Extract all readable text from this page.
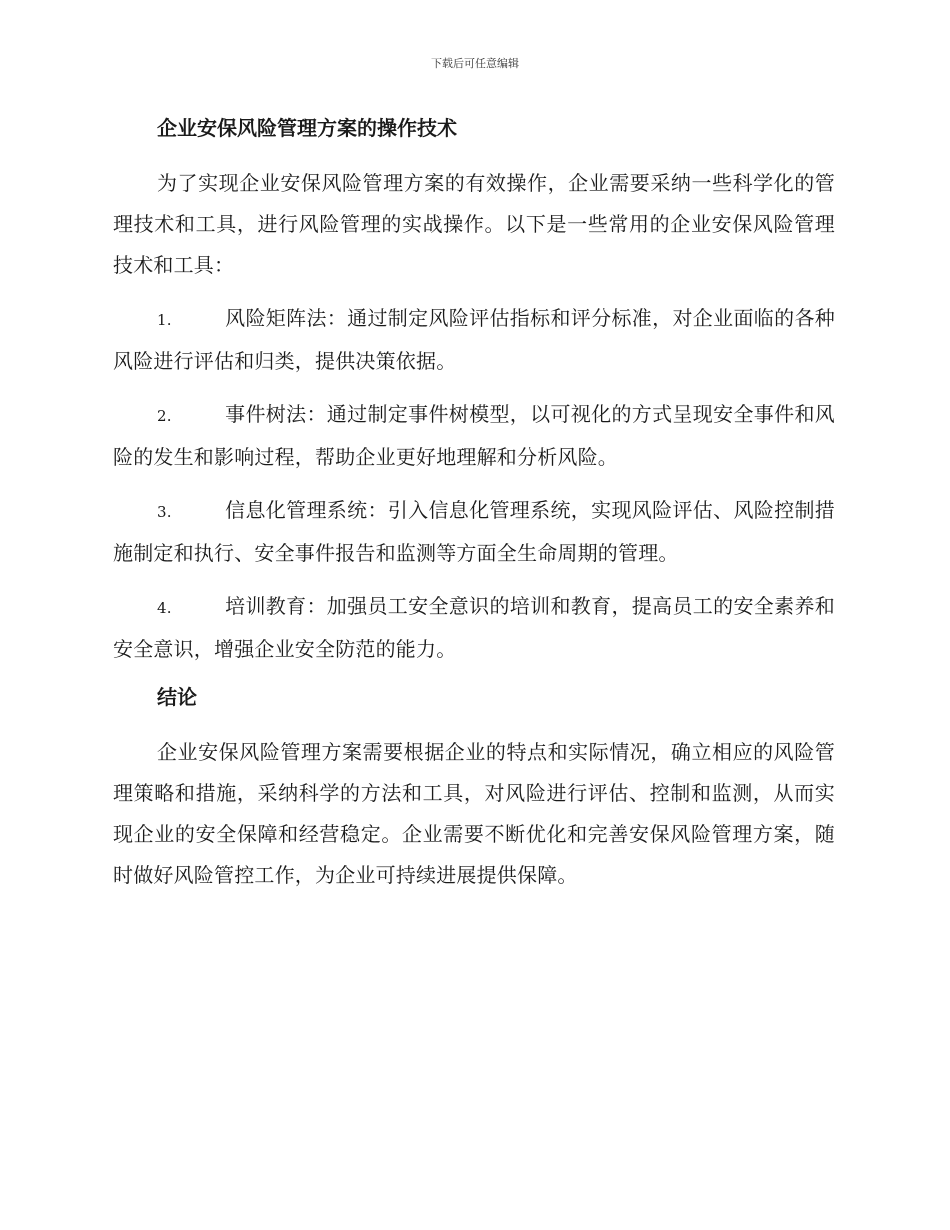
下载后可任意编辑
企业安保风险管理方案的操作技术

为了实现企业安保风险管理方案的有效操作，企业需要采纳一些科学化的管理技术和工具，进行风险管理的实战操作。以下是一些常用的企业安保风险管理技术和工具：

1.	风险矩阵法：通过制定风险评估指标和评分标准，对企业面临的各种风险进行评估和归类，提供决策依据。
2.	事件树法：通过制定事件树模型，以可视化的方式呈现安全事件和风险的发生和影响过程，帮助企业更好地理解和分析风险。
3.	信息化管理系统：引入信息化管理系统，实现风险评估、风险控制措施制定和执行、安全事件报告和监测等方面全生命周期的管理。
4.	培训教育：加强员工安全意识的培训和教育，提高员工的安全素养和安全意识，增强企业安全防范的能力。
结论

企业安保风险管理方案需要根据企业的特点和实际情况，确立相应的风险管理策略和措施，采纳科学的方法和工具，对风险进行评估、控制和监测，从而实现企业的安全保障和经营稳定。企业需要不断优化和完善安保风险管理方案，随时做好风险管控工作，为企业可持续进展提供保障。
